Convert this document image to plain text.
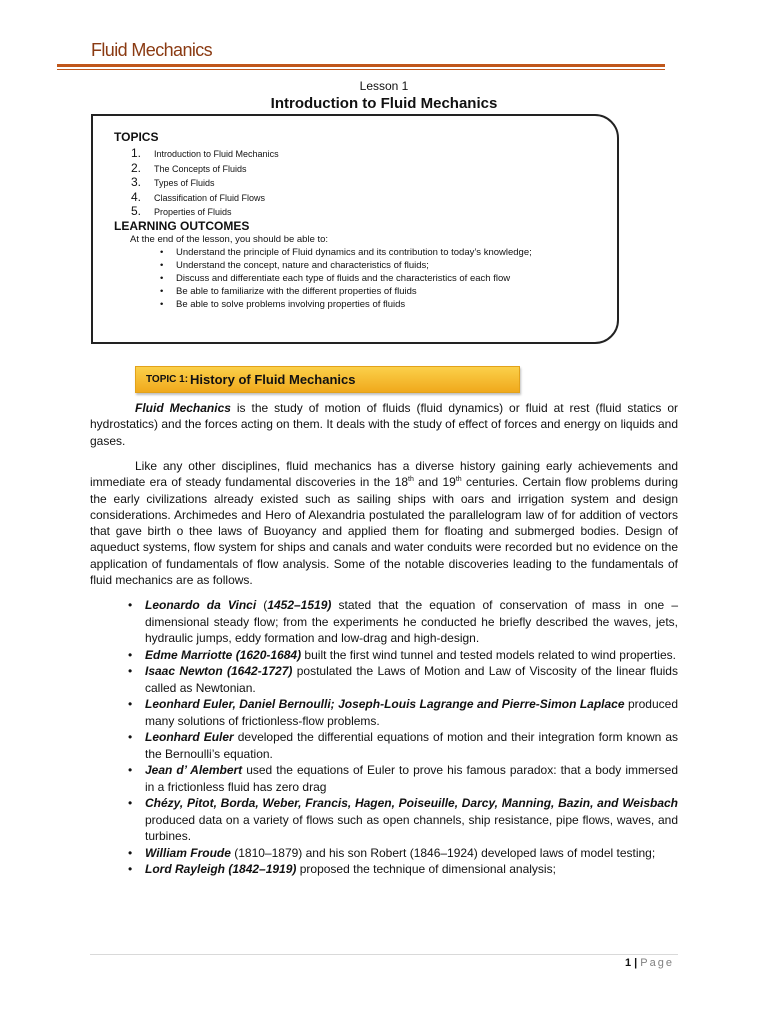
Fluid Mechanics
Lesson 1
Introduction to Fluid Mechanics
TOPICS
1.	Introduction to Fluid Mechanics
2.	The Concepts of Fluids
3.	Types of Fluids
4.	Classification of Fluid Flows
5.	Properties of Fluids
LEARNING OUTCOMES
At the end of the lesson, you should be able to:
•	Understand the principle of Fluid dynamics and its contribution to today’s knowledge;
•	Understand the concept, nature and characteristics of fluids;
•	Discuss and differentiate each type of fluids and the characteristics of each flow
•	Be able to familiarize with the different properties of fluids
•	Be able to solve problems involving properties of fluids
TOPIC 1: History of Fluid Mechanics

Fluid Mechanics is the study of motion of fluids (fluid dynamics) or fluid at rest (fluid statics or hydrostatics) and the forces acting on them. It deals with the study of effect of forces and energy on liquids and gases.

Like any other disciplines, fluid mechanics has a diverse history gaining early achievements and immediate era of steady fundamental discoveries in the 18th and 19th centuries. Certain flow problems during the early civilizations already existed such as sailing ships with oars and irrigation system and design considerations. Archimedes and Hero of Alexandria postulated the parallelogram law of for addition of vectors that gave birth o thee laws of Buoyancy and applied them for floating and submerged bodies. Design of aqueduct systems, flow system for ships and canals and water conduits were recorded but no evidence on the application of fundamentals of flow analysis. Some of the notable discoveries leading to the fundamentals of fluid mechanics are as follows.

• Leonardo da Vinci (1452–1519) stated that the equation of conservation of mass in one – dimensional steady flow; from the experiments he conducted he briefly described the waves, jets, hydraulic jumps, eddy formation and low-drag and high-design.

• Edme Marriotte (1620-1684) built the first wind tunnel and tested models related to wind properties.

• Isaac Newton (1642-1727) postulated the Laws of Motion and Law of Viscosity of the linear fluids called as Newtonian.

• Leonhard Euler, Daniel Bernoulli; Joseph-Louis Lagrange and Pierre-Simon Laplace produced many solutions of frictionless-flow problems.

• Leonhard Euler developed the differential equations of motion and their integration form known as the Bernoulli’s equation.

• Jean d’ Alembert used the equations of Euler to prove his famous paradox: that a body immersed in a frictionless fluid has zero drag

• Chézy, Pitot, Borda, Weber, Francis, Hagen, Poiseuille, Darcy, Manning, Bazin, and Weisbach produced data on a variety of flows such as open channels, ship resistance, pipe flows, waves, and turbines.

• William Froude (1810–1879) and his son Robert (1846–1924) developed laws of model testing;

• Lord Rayleigh (1842–1919) proposed the technique of dimensional analysis;

1 | Page
